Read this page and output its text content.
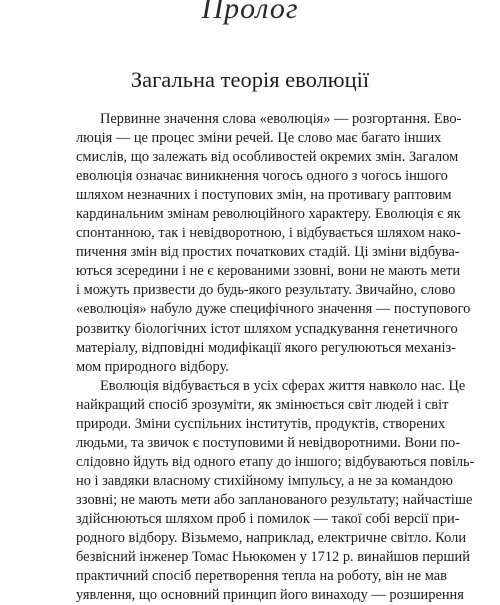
Пролог
Загальна теорія еволюції
Первинне значення слова «еволюція» — розгортання. Ево-
люція — це процес зміни речей. Це слово має багато інших
смислів, що залежать від особливостей окремих змін. Загалом
еволюція означає виникнення чогось одного з чогось іншого
шляхом незначних і поступових змін, на противагу раптовим
кардинальним змінам революційного характеру. Еволюція є як
спонтанною, так і невідворотною, і відбувається шляхом нако-
пичення змін від простих початкових стадій. Ці зміни відбува-
ються зсередини і не є керованими ззовні, вони не мають мети
і можуть призвести до будь-якого результату. Звичайно, слово
«еволюція» набуло дуже специфічного значення — поступового
розвитку біологічних істот шляхом успадкування генетичного
матеріалу, відповідні модифікації якого регулюються механіз-
мом природного відбору.
Еволюція відбувається в усіх сферах життя навколо нас. Це
найкращий спосіб зрозуміти, як змінюється світ людей і світ
природи. Зміни суспільних інститутів, продуктів, створених
людьми, та звичок є поступовими й невідворотними. Вони по-
слідовно йдуть від одного етапу до іншого; відбуваються повіль-
но і завдяки власному стихійному імпульсу, а не за командою
ззовні; не мають мети або запланованого результату; найчастіше
здійснюються шляхом проб і помилок — такої собі версії при-
родного відбору. Візьмемо, наприклад, електричне світло. Коли
безвісний інженер Томас Ньюкомен у 1712 р. винайшов перший
практичний спосіб перетворення тепла на роботу, він не мав
уявлення, що основний принцип його винаходу — розширення
